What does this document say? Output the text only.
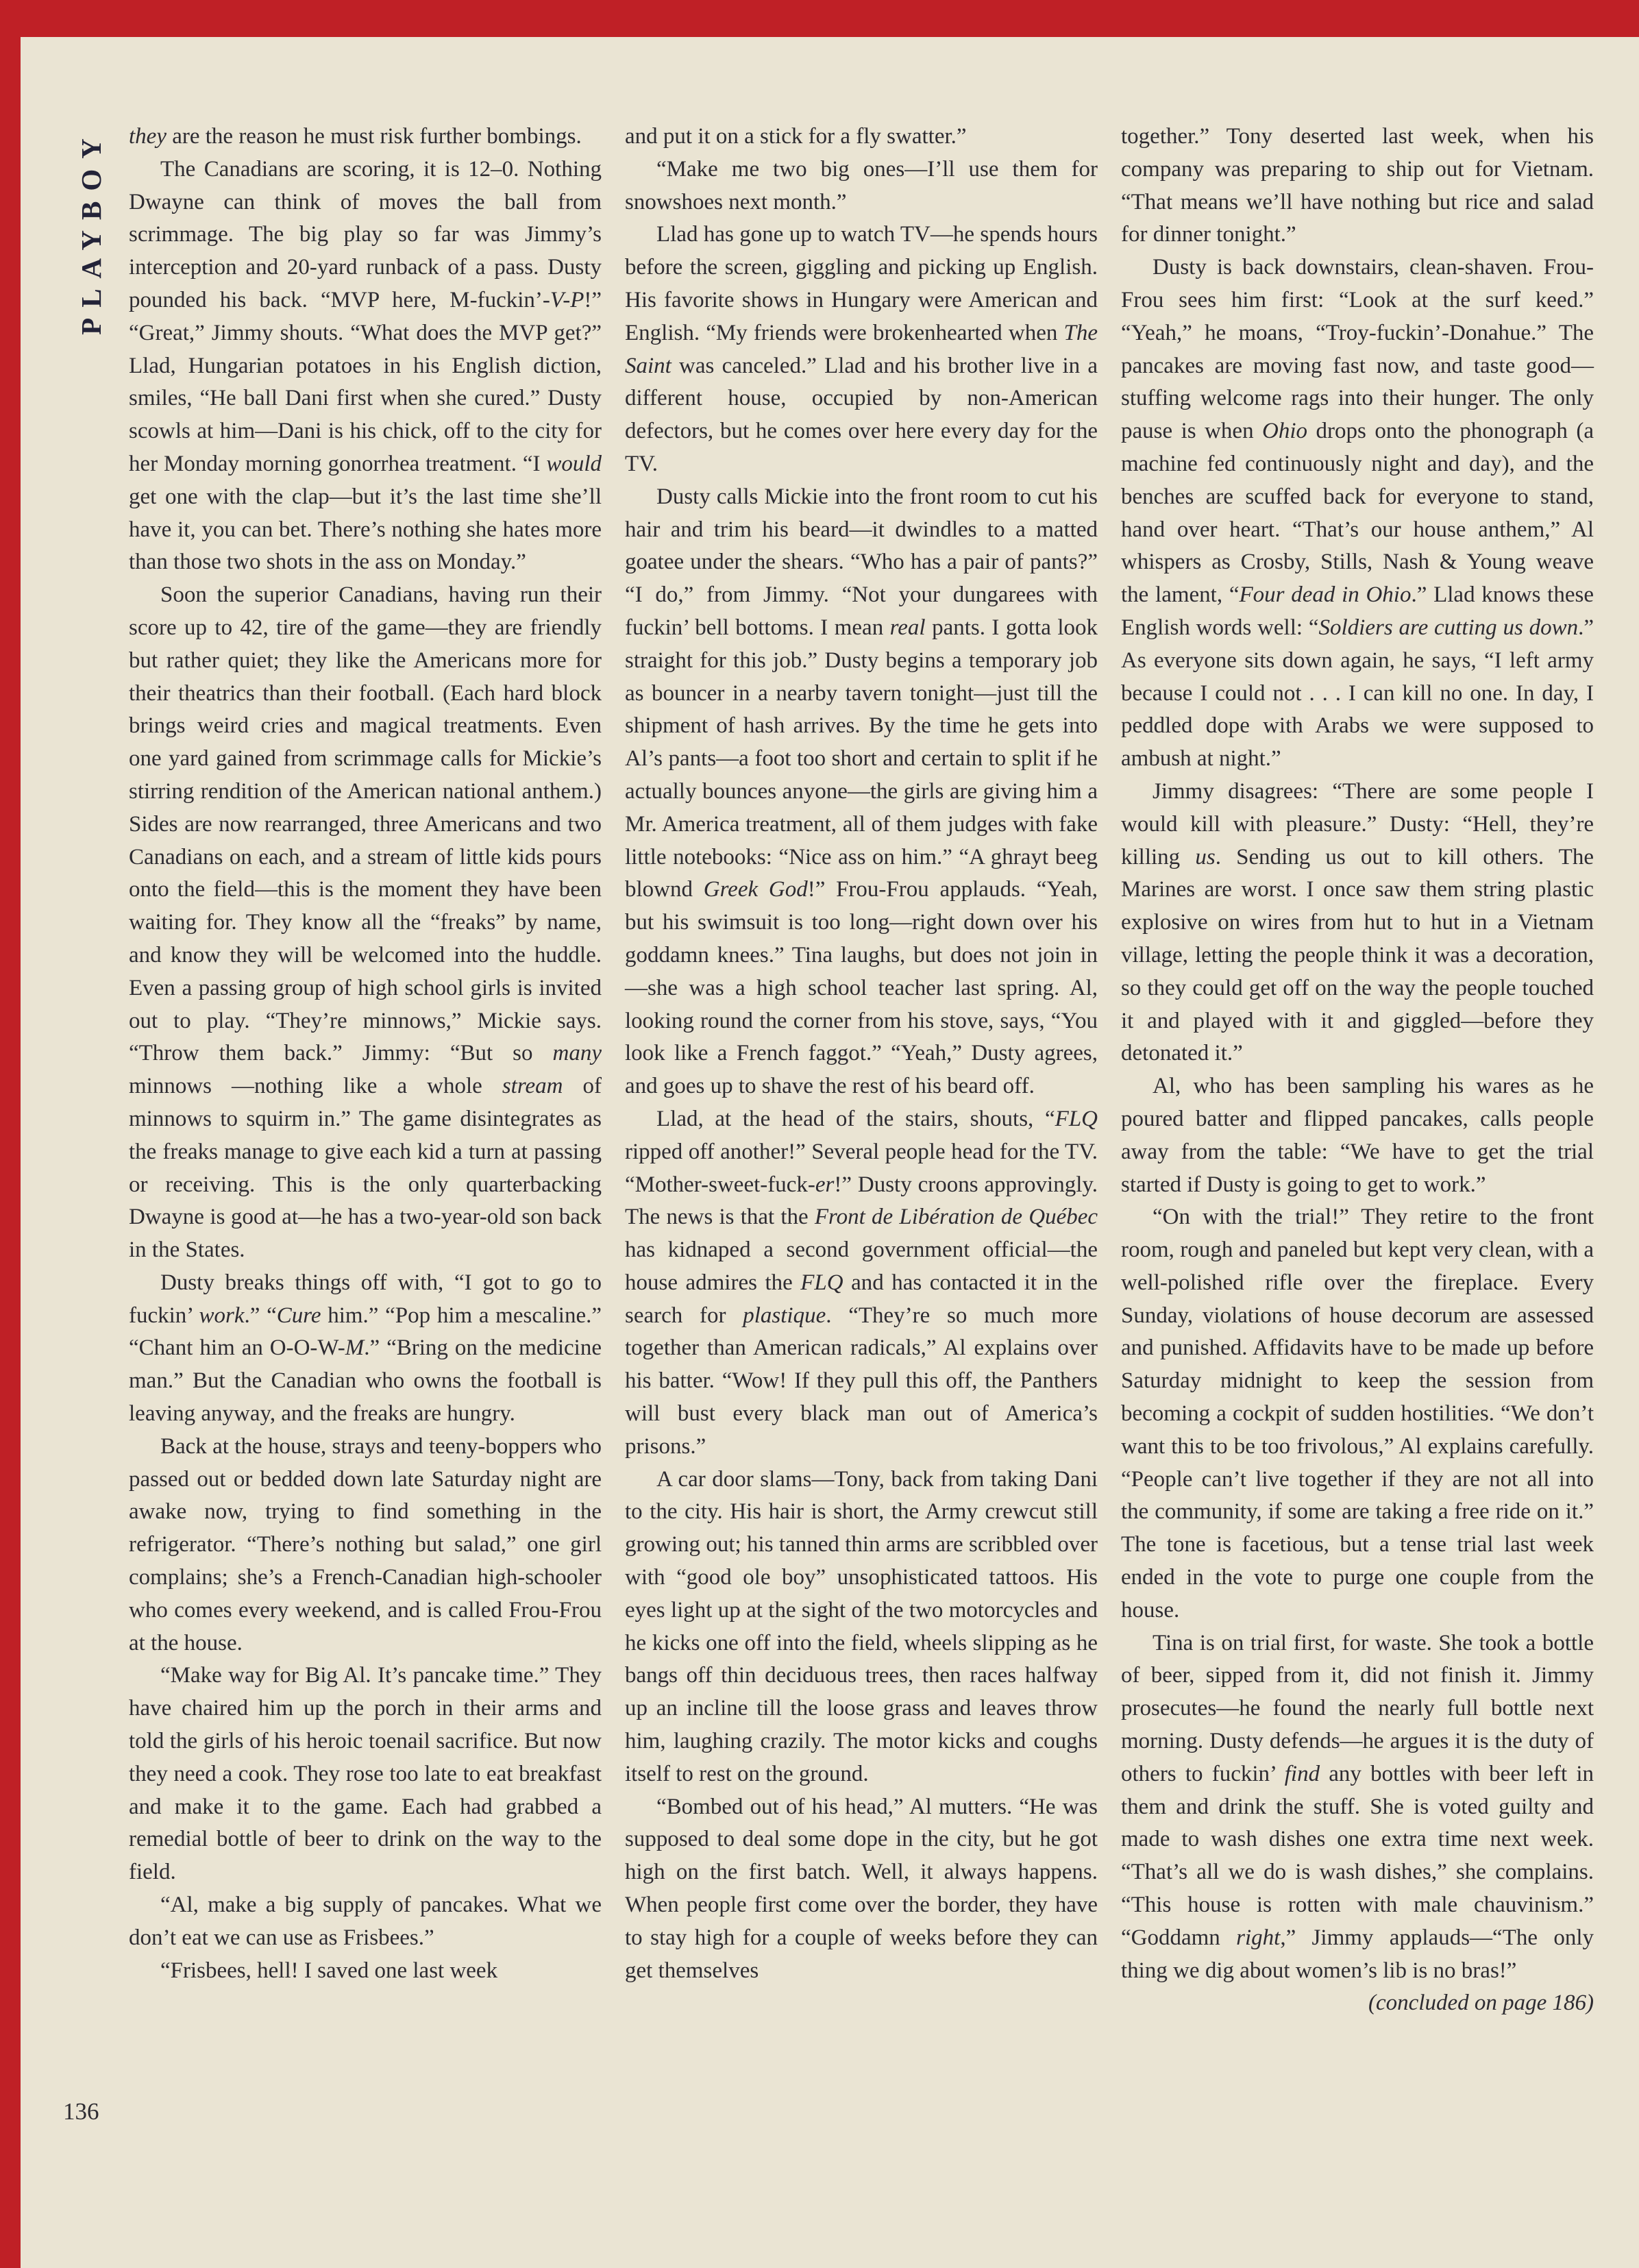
PLAYBOY they are the reason he must risk further bombings.

The Canadians are scoring, it is 12–0. Nothing Dwayne can think of moves the ball from scrimmage. The big play so far was Jimmy’s interception and 20-yard runback of a pass. Dusty pounded his back. “MVP here, M-fuckin’-V-P!” “Great,” Jimmy shouts. “What does the MVP get?” Llad, Hungarian potatoes in his English diction, smiles, “He ball Dani first when she cured.” Dusty scowls at him—Dani is his chick, off to the city for her Monday morning gonorrhea treatment. “I would get one with the clap—but it’s the last time she’ll have it, you can bet. There’s nothing she hates more than those two shots in the ass on Monday.”

Soon the superior Canadians, having run their score up to 42, tire of the game—they are friendly but rather quiet; they like the Americans more for their theatrics than their football. (Each hard block brings weird cries and magical treatments. Even one yard gained from scrimmage calls for Mickie’s stirring rendition of the American national anthem.) Sides are now rearranged, three Americans and two Canadians on each, and a stream of little kids pours onto the field—this is the moment they have been waiting for. They know all the “freaks” by name, and know they will be welcomed into the huddle. Even a passing group of high school girls is invited out to play. “They’re minnows,” Mickie says. “Throw them back.” Jimmy: “But so many minnows —nothing like a whole stream of minnows to squirm in.” The game disintegrates as the freaks manage to give each kid a turn at passing or receiving. This is the only quarterbacking Dwayne is good at—he has a two-year-old son back in the States.

Dusty breaks things off with, “I got to go to fuckin’ work.” “Cure him.” “Pop him a mescaline.” “Chant him an O-O-W-M.” “Bring on the medicine man.” But the Canadian who owns the football is leaving anyway, and the freaks are hungry.

Back at the house, strays and teeny-boppers who passed out or bedded down late Saturday night are awake now, trying to find something in the refrigerator. “There’s nothing but salad,” one girl complains; she’s a French-Canadian high-schooler who comes every weekend, and is called Frou-Frou at the house.

“Make way for Big Al. It’s pancake time.” They have chaired him up the porch in their arms and told the girls of his heroic toenail sacrifice. But now they need a cook. They rose too late to eat breakfast and make it to the game. Each had grabbed a remedial bottle of beer to drink on the way to the field.

“Al, make a big supply of pancakes. What we don’t eat we can use as Frisbees.”

“Frisbees, hell! I saved one last week

and put it on a stick for a fly swatter.”

“Make me two big ones—I’ll use them for snowshoes next month.”

Llad has gone up to watch TV—he spends hours before the screen, giggling and picking up English. His favorite shows in Hungary were American and English. “My friends were brokenhearted when The Saint was canceled.” Llad and his brother live in a different house, occupied by non-American defectors, but he comes over here every day for the TV.

Dusty calls Mickie into the front room to cut his hair and trim his beard—it dwindles to a matted goatee under the shears. “Who has a pair of pants?” “I do,” from Jimmy. “Not your dungarees with fuckin’ bell bottoms. I mean real pants. I gotta look straight for this job.” Dusty begins a temporary job as bouncer in a nearby tavern tonight—just till the shipment of hash arrives. By the time he gets into Al’s pants—a foot too short and certain to split if he actually bounces anyone—the girls are giving him a Mr. America treatment, all of them judges with fake little notebooks: “Nice ass on him.” “A ghrayt beeg blownd Greek God!” Frou-Frou applauds. “Yeah, but his swimsuit is too long—right down over his goddamn knees.” Tina laughs, but does not join in—she was a high school teacher last spring. Al, looking round the corner from his stove, says, “You look like a French faggot.” “Yeah,” Dusty agrees, and goes up to shave the rest of his beard off.

Llad, at the head of the stairs, shouts, “FLQ ripped off another!” Several people head for the TV. “Mother-sweet-fuck-er!” Dusty croons approvingly. The news is that the Front de Libération de Québec has kidnaped a second government official—the house admires the FLQ and has contacted it in the search for plastique. “They’re so much more together than American radicals,” Al explains over his batter. “Wow! If they pull this off, the Panthers will bust every black man out of America’s prisons.”

A car door slams—Tony, back from taking Dani to the city. His hair is short, the Army crewcut still growing out; his tanned thin arms are scribbled over with “good ole boy” unsophisticated tattoos. His eyes light up at the sight of the two motorcycles and he kicks one off into the field, wheels slipping as he bangs off thin deciduous trees, then races halfway up an incline till the loose grass and leaves throw him, laughing crazily. The motor kicks and coughs itself to rest on the ground.

“Bombed out of his head,” Al mutters. “He was supposed to deal some dope in the city, but he got high on the first batch. Well, it always happens. When people first come over the border, they have to stay high for a couple of weeks before they can get themselves

together.” Tony deserted last week, when his company was preparing to ship out for Vietnam. “That means we’ll have nothing but rice and salad for dinner tonight.”

Dusty is back downstairs, clean-shaven. Frou-Frou sees him first: “Look at the surf keed.” “Yeah,” he moans, “Troy-fuckin’-Donahue.” The pancakes are moving fast now, and taste good—stuffing welcome rags into their hunger. The only pause is when Ohio drops onto the phonograph (a machine fed continuously night and day), and the benches are scuffed back for everyone to stand, hand over heart. “That’s our house anthem,” Al whispers as Crosby, Stills, Nash & Young weave the lament, “Four dead in Ohio.” Llad knows these English words well: “Soldiers are cutting us down.” As everyone sits down again, he says, “I left army because I could not . . . I can kill no one. In day, I peddled dope with Arabs we were supposed to ambush at night.”

Jimmy disagrees: “There are some people I would kill with pleasure.” Dusty: “Hell, they’re killing us. Sending us out to kill others. The Marines are worst. I once saw them string plastic explosive on wires from hut to hut in a Vietnam village, letting the people think it was a decoration, so they could get off on the way the people touched it and played with it and giggled—before they detonated it.”

Al, who has been sampling his wares as he poured batter and flipped pancakes, calls people away from the table: “We have to get the trial started if Dusty is going to get to work.”

“On with the trial!” They retire to the front room, rough and paneled but kept very clean, with a well-polished rifle over the fireplace. Every Sunday, violations of house decorum are assessed and punished. Affidavits have to be made up before Saturday midnight to keep the session from becoming a cockpit of sudden hostilities. “We don’t want this to be too frivolous,” Al explains carefully. “People can’t live together if they are not all into the community, if some are taking a free ride on it.” The tone is facetious, but a tense trial last week ended in the vote to purge one couple from the house.

Tina is on trial first, for waste. She took a bottle of beer, sipped from it, did not finish it. Jimmy prosecutes—he found the nearly full bottle next morning. Dusty defends—he argues it is the duty of others to fuckin’ find any bottles with beer left in them and drink the stuff. She is voted guilty and made to wash dishes one extra time next week. “That’s all we do is wash dishes,” she complains. “This house is rotten with male chauvinism.” “Goddamn right,” Jimmy applauds—“The only thing we dig about women’s lib is no bras!”

(concluded on page 186)

136
